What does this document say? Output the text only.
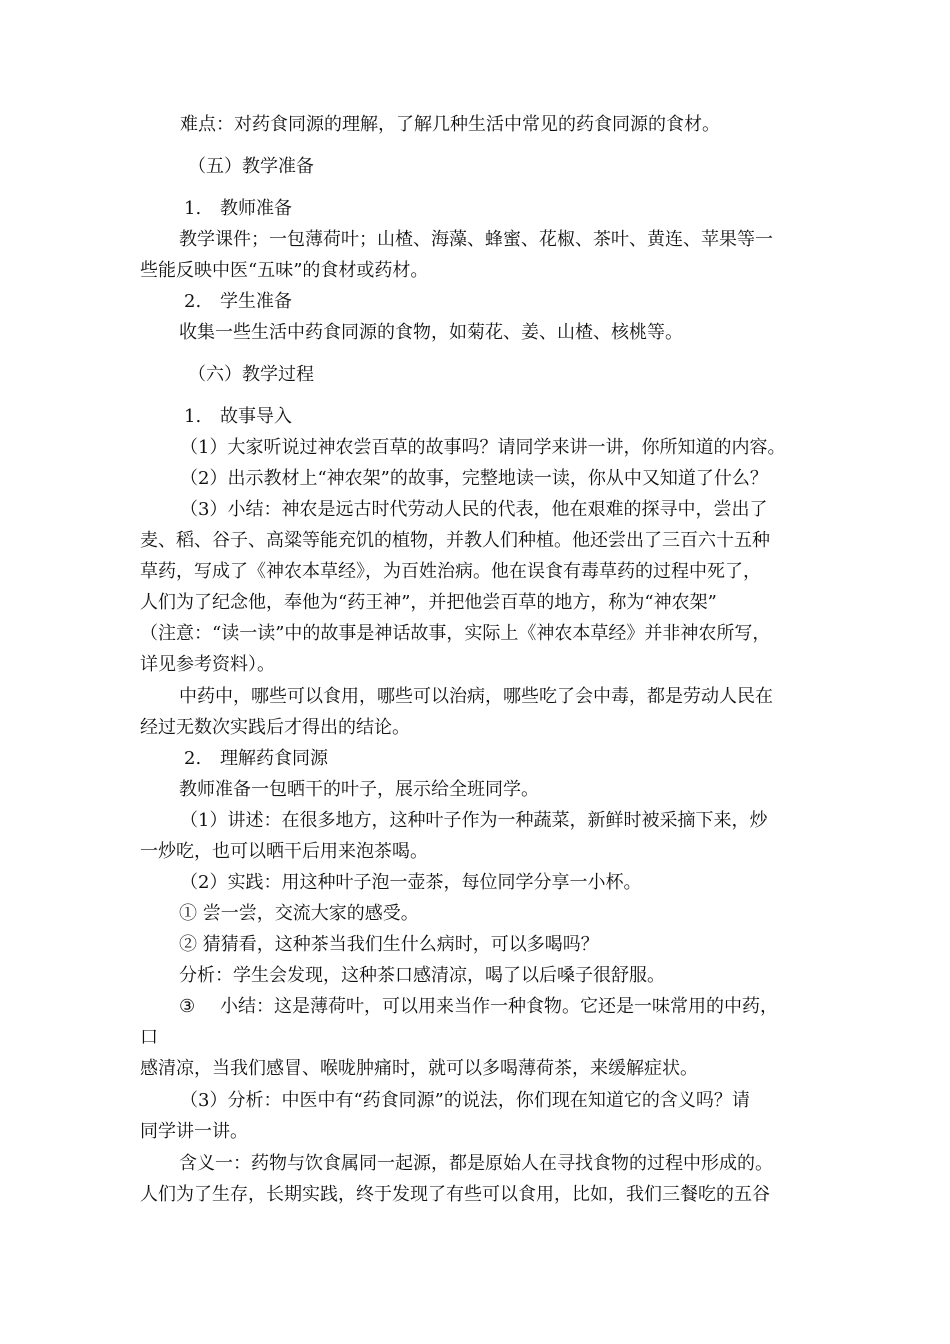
难点：对药食同源的理解，了解几种生活中常见的药食同源的食材。
（五）教学准备
1. 教师准备
教学课件；一包薄荷叶；山楂、海藻、蜂蜜、花椒、茶叶、黄连、苹果等一
些能反映中医“五味”的食材或药材。
2. 学生准备
收集一些生活中药食同源的食物，如菊花、姜、山楂、核桃等。
（六）教学过程
1. 故事导入
（1）大家听说过神农尝百草的故事吗？请同学来讲一讲，你所知道的内容。
（2）出示教材上“神农架”的故事，完整地读一读，你从中又知道了什么？
（3）小结：神农是远古时代劳动人民的代表，他在艰难的探寻中，尝出了
麦、稻、谷子、高粱等能充饥的植物，并教人们种植。他还尝出了三百六十五种
草药，写成了《神农本草经》，为百姓治病。他在误食有毒草药的过程中死了，
人们为了纪念他，奉他为“药王神”，并把他尝百草的地方，称为“神农架”
（注意：“读一读”中的故事是神话故事，实际上《神农本草经》并非神农所写，
详见参考资料）。
中药中，哪些可以食用，哪些可以治病，哪些吃了会中毒，都是劳动人民在
经过无数次实践后才得出的结论。
2. 理解药食同源
教师准备一包晒干的叶子，展示给全班同学。
（1）讲述：在很多地方，这种叶子作为一种蔬菜，新鲜时被采摘下来，炒
一炒吃，也可以晒干后用来泡茶喝。
（2）实践：用这种叶子泡一壶茶，每位同学分享一小杯。
① 尝一尝，交流大家的感受。
② 猜猜看，这种茶当我们生什么病时，可以多喝吗？
分析：学生会发现，这种茶口感清凉，喝了以后嗓子很舒服。
③ 小结：这是薄荷叶，可以用来当作一种食物。它还是一味常用的中药，
口
感清凉，当我们感冒、喉咙肿痛时，就可以多喝薄荷茶，来缓解症状。
（3）分析：中医中有“药食同源”的说法，你们现在知道它的含义吗？请
同学讲一讲。
含义一：药物与饮食属同一起源，都是原始人在寻找食物的过程中形成的。
人们为了生存，长期实践，终于发现了有些可以食用，比如，我们三餐吃的五谷
